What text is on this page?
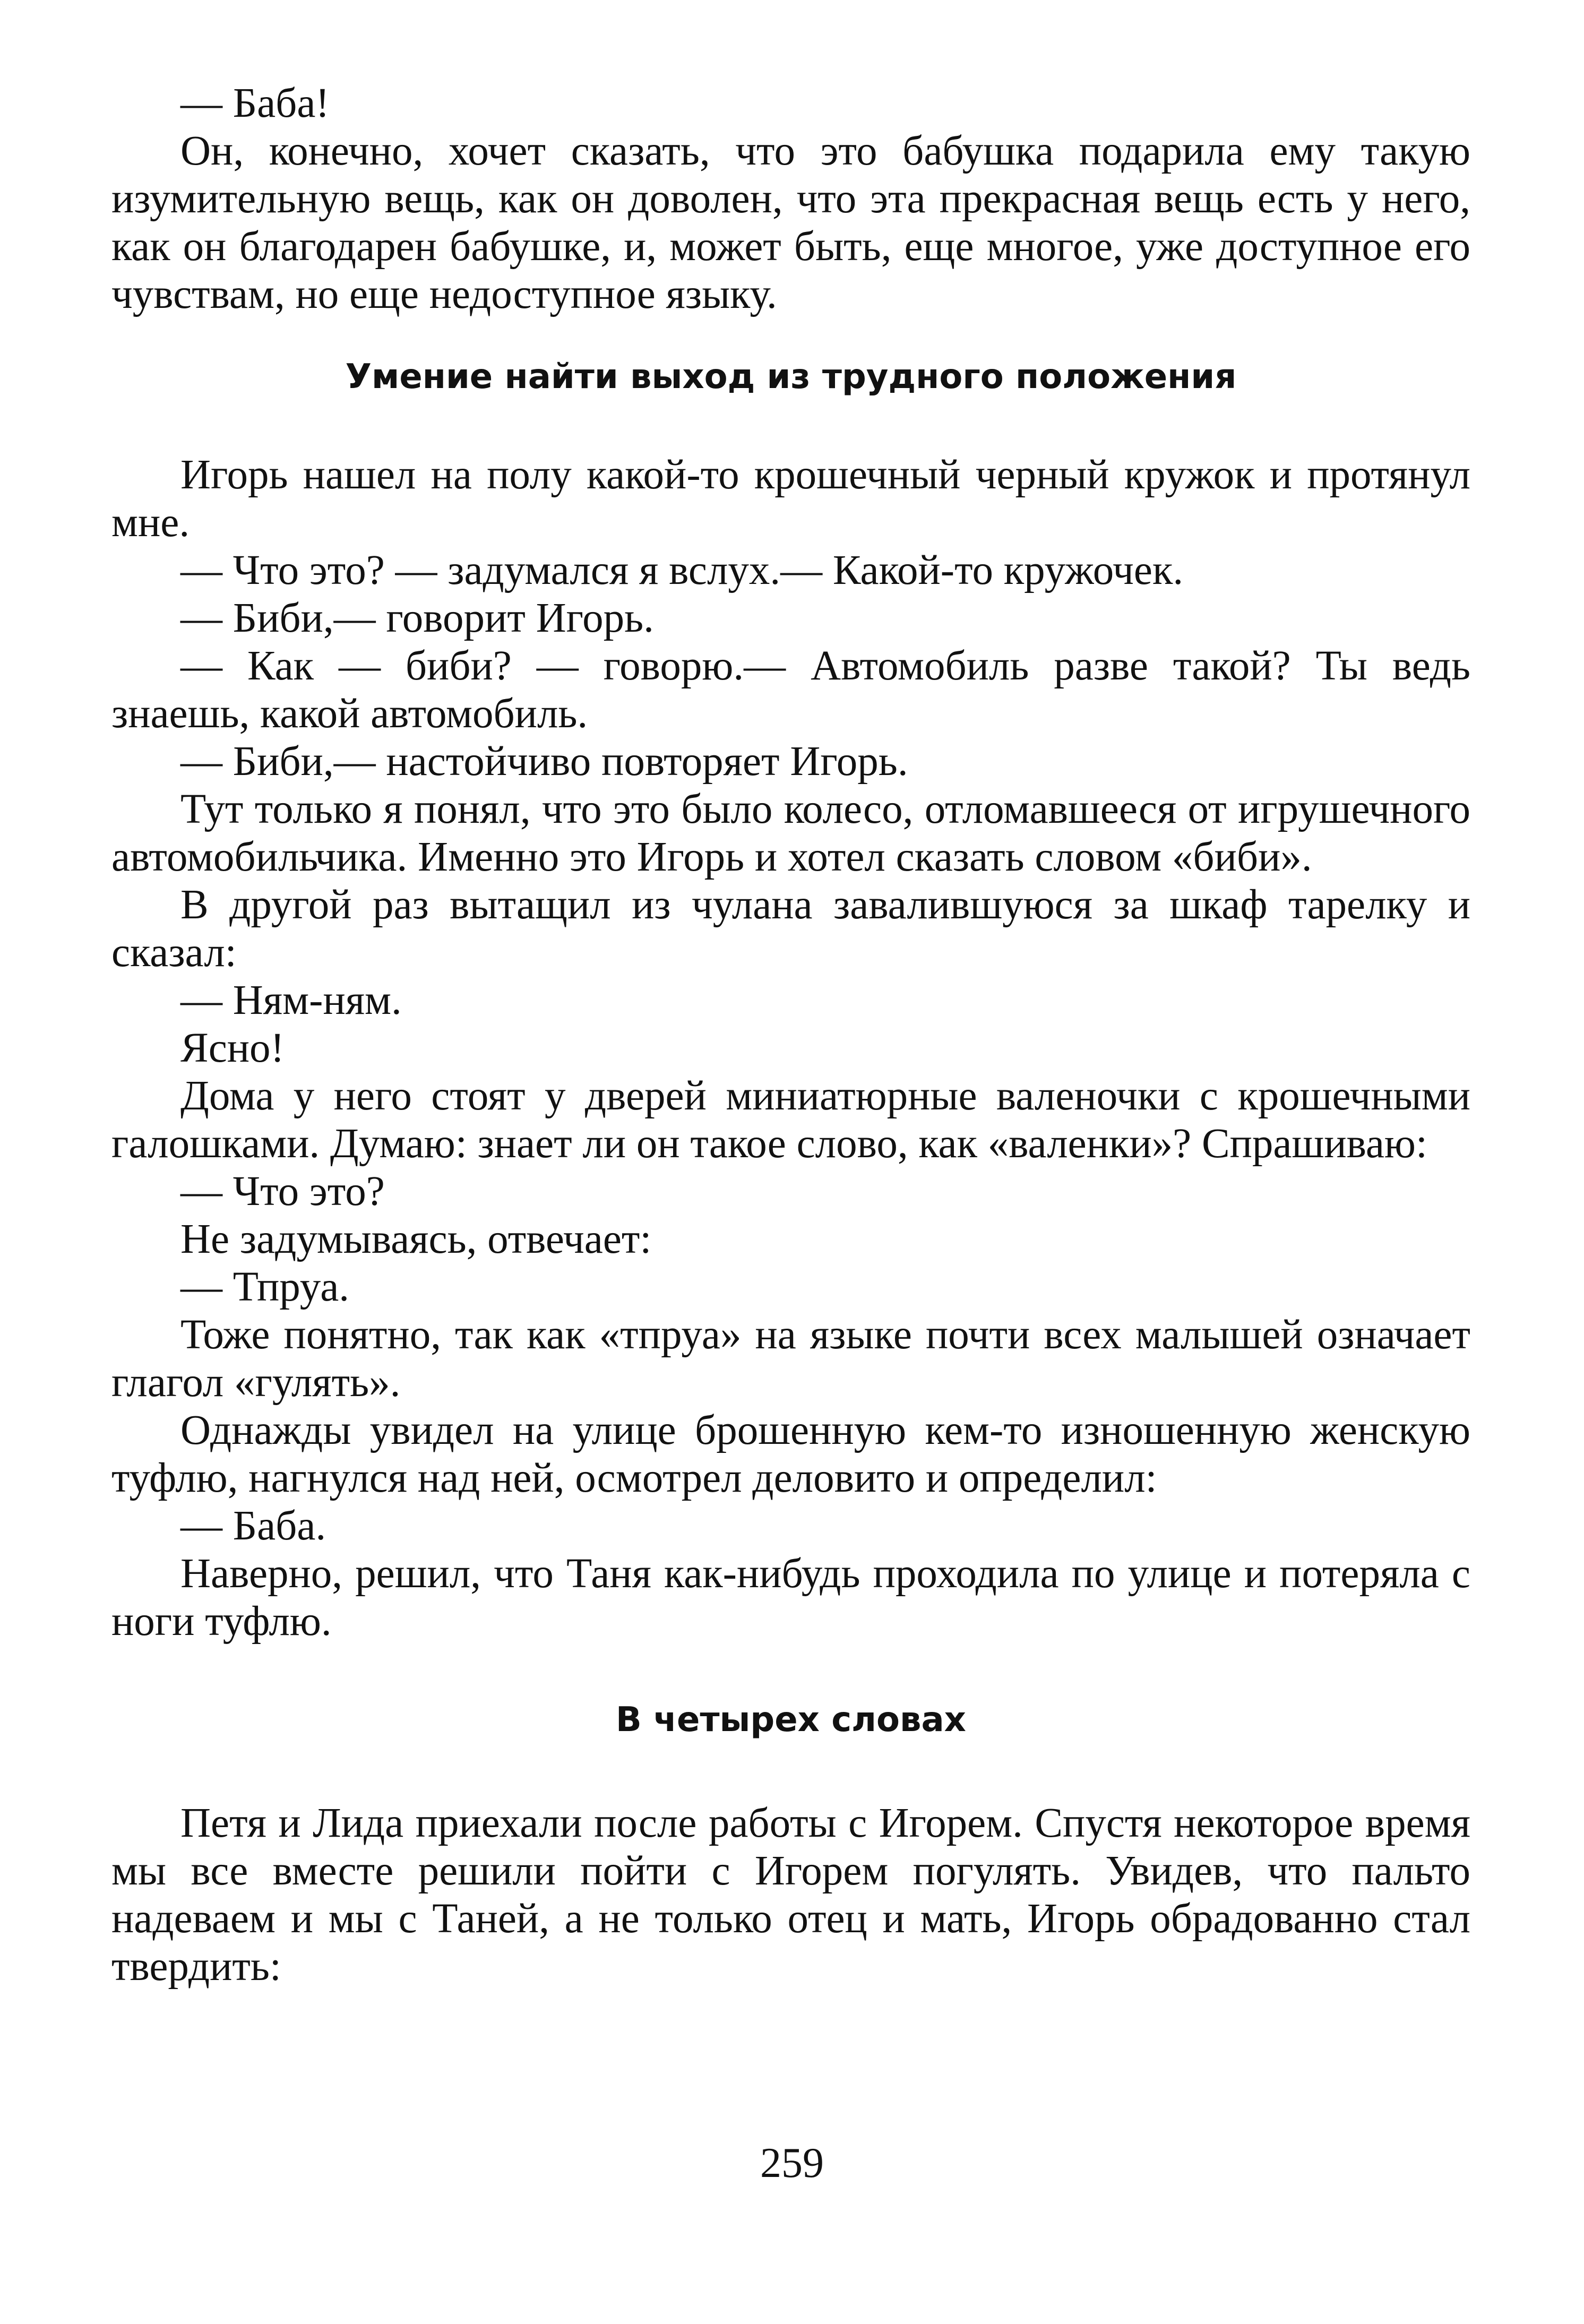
— Баба!

Он, конечно, хочет сказать, что это бабушка подарила ему такую изумительную вещь, как он доволен, что эта прекрасная вещь есть у него, как он благодарен бабушке, и, может быть, еще многое, уже доступное его чувствам, но еще недоступное языку.

Умение найти выход из трудного положения

Игорь нашел на полу какой-то крошечный черный кружок и протянул мне.

— Что это? — задумался я вслух.— Какой-то кружочек.

— Биби,— говорит Игорь.

— Как — биби? — говорю.— Автомобиль разве такой? Ты ведь знаешь, какой автомобиль.

— Биби,— настойчиво повторяет Игорь.

Тут только я понял, что это было колесо, отломавшееся от игрушечного автомобильчика. Именно это Игорь и хотел сказать словом «биби».

В другой раз вытащил из чулана завалившуюся за шкаф тарелку и сказал:

— Ням-ням.

Ясно!

Дома у него стоят у дверей миниатюрные валеночки с крошечными галошками. Думаю: знает ли он такое слово, как «валенки»? Спрашиваю:

— Что это?

Не задумываясь, отвечает:

— Тпруа.

Тоже понятно, так как «тпруа» на языке почти всех малышей означает глагол «гулять».

Однажды увидел на улице брошенную кем-то изношенную женскую туфлю, нагнулся над ней, осмотрел деловито и определил:

— Баба.

Наверно, решил, что Таня как-нибудь проходила по улице и потеряла с ноги туфлю.

В четырех словах

Петя и Лида приехали после работы с Игорем. Спустя некоторое время мы все вместе решили пойти с Игорем погулять. Увидев, что пальто надеваем и мы с Таней, а не только отец и мать, Игорь обрадованно стал твердить:

259
